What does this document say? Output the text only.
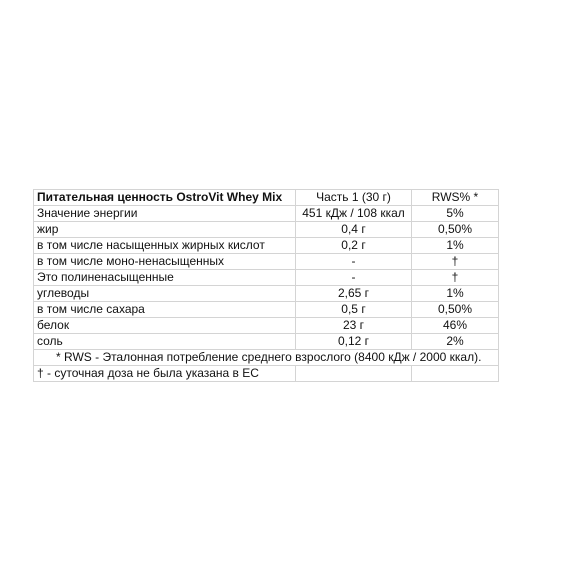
Питательная ценность OstroVit Whey Mix	Часть 1 (30 г)	RWS% *
Значение энергии	451 кДж / 108 ккал	5%
жир	0,4 г	0,50%
в том числе насыщенных жирных кислот	0,2 г	1%
в том числе моно-ненасыщенных	-	†
Это полиненасыщенные	-	†
углеводы	2,65 г	1%
в том числе сахара	0,5 г	0,50%
белок	23 г	46%
соль	0,12 г	2%
* RWS - Эталонная потребление среднего взрослого (8400 кДж / 2000 ккал).		
† - суточная доза не была указана в ЕС		
